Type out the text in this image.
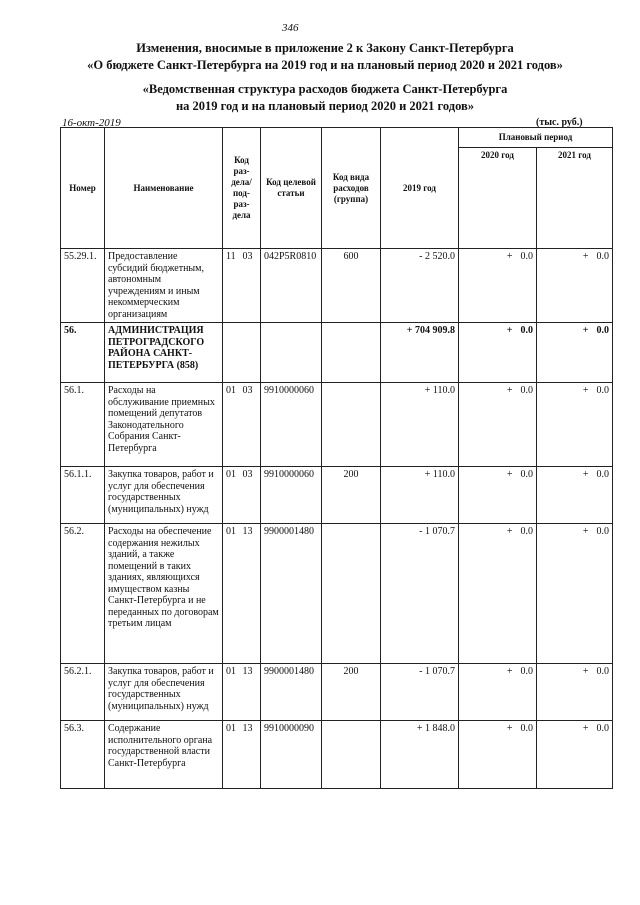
346
Изменения, вносимые в приложение 2 к Закону Санкт-Петербурга
«О бюджете Санкт-Петербурга на 2019 год и на плановый период 2020 и 2021 годов»
«Ведомственная структура расходов бюджета Санкт-Петербурга
на 2019 год и на плановый период 2020 и 2021 годов»
16-окт-2019	(тыс. руб.)
Номер	Наименование	Код раз- дела/ под- раз- дела	Код целевой статьи	Код вида расходов (группа)	2019 год	Плановый период	
						2020 год	2021 год
55.29.1.	Предоставление субсидий бюджетным, автономным учреждениям и иным некоммерческим организациям	11 03	042P5R0810	600	- 2 520.0	+ 0.0	+ 0.0
56.	АДМИНИСТРАЦИЯ ПЕТРОГРАДСКОГО РАЙОНА САНКТ-ПЕТЕРБУРГА (858)				+ 704 909.8	+ 0.0	+ 0.0
56.1.	Расходы на обслуживание приемных помещений депутатов Законодательного Собрания Санкт-Петербурга	01 03	9910000060		+ 110.0	+ 0.0	+ 0.0
56.1.1.	Закупка товаров, работ и услуг для обеспечения государственных (муниципальных) нужд	01 03	9910000060	200	+ 110.0	+ 0.0	+ 0.0
56.2.	Расходы на обеспечение содержания нежилых зданий, а также помещений в таких зданиях, являющихся имуществом казны Санкт-Петербурга и не переданных по договорам третьим лицам	01 13	9900001480		- 1 070.7	+ 0.0	+ 0.0
56.2.1.	Закупка товаров, работ и услуг для обеспечения государственных (муниципальных) нужд	01 13	9900001480	200	- 1 070.7	+ 0.0	+ 0.0
56.3.	Содержание исполнительного органа государственной власти Санкт-Петербурга	01 13	9910000090		+ 1 848.0	+ 0.0	+ 0.0
